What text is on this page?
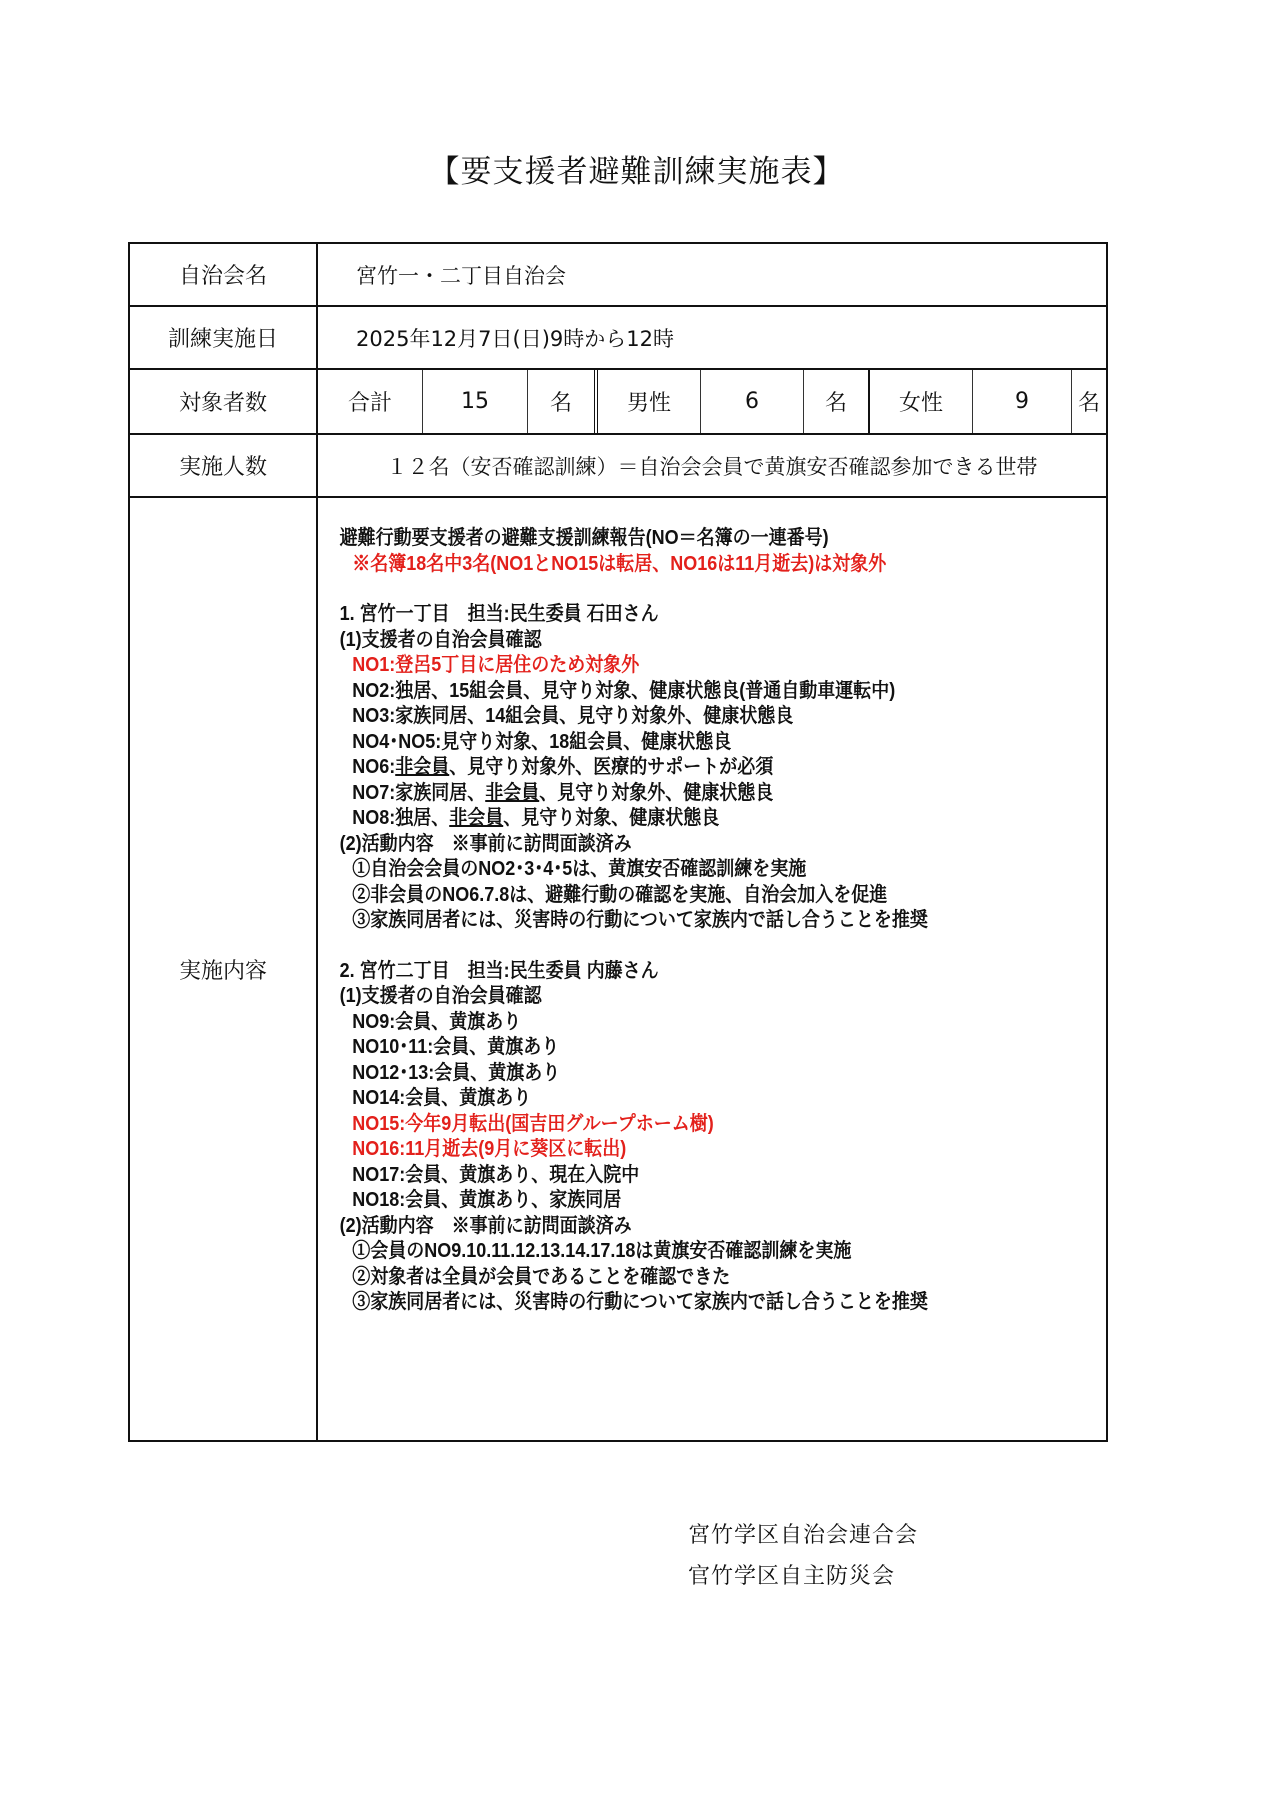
【要支援者避難訓練実施表】
自治会名	宮竹一・二丁目自治会
訓練実施日	2025年12月7日(日)9時から12時
対象者数		合計	15	名	男性	6	名	女性	9	名

実施人数	１２名（安否確認訓練）＝自治会会員で黄旗安否確認参加できる世帯
実施内容	
避難行動要支援者の避難支援訓練報告(NO＝名簿の一連番号)
※名簿18名中3名(NO1とNO15は転居、NO16は11月逝去)は対象外
1. 宮竹一丁目　担当:民生委員 石田さん
(1)支援者の自治会員確認
NO1:登呂5丁目に居住のため対象外
NO2:独居、15組会員、見守り対象、健康状態良(普通自動車運転中)
NO3:家族同居、14組会員、見守り対象外、健康状態良
NO4･NO5:見守り対象、18組会員、健康状態良
NO6:非会員、見守り対象外、医療的サポートが必須
NO7:家族同居、非会員、見守り対象外、健康状態良
NO8:独居、非会員、見守り対象、健康状態良
(2)活動内容　※事前に訪問面談済み
①自治会会員のNO2･3･4･5は、黄旗安否確認訓練を実施
②非会員のNO6.7.8は、避難行動の確認を実施、自治会加入を促進
③家族同居者には、災害時の行動について家族内で話し合うことを推奨
2. 宮竹二丁目　担当:民生委員 内藤さん
(1)支援者の自治会員確認
NO9:会員、黄旗あり
NO10･11:会員、黄旗あり
NO12･13:会員、黄旗あり
NO14:会員、黄旗あり
NO15:今年9月転出(国吉田グループホーム樹)
NO16:11月逝去(9月に葵区に転出)
NO17:会員、黄旗あり、現在入院中
NO18:会員、黄旗あり、家族同居
(2)活動内容　※事前に訪問面談済み
①会員のNO9.10.11.12.13.14.17.18は黄旗安否確認訓練を実施
②対象者は全員が会員であることを確認できた
③家族同居者には、災害時の行動について家族内で話し合うことを推奨
宮竹学区自治会連合会
官竹学区自主防災会
